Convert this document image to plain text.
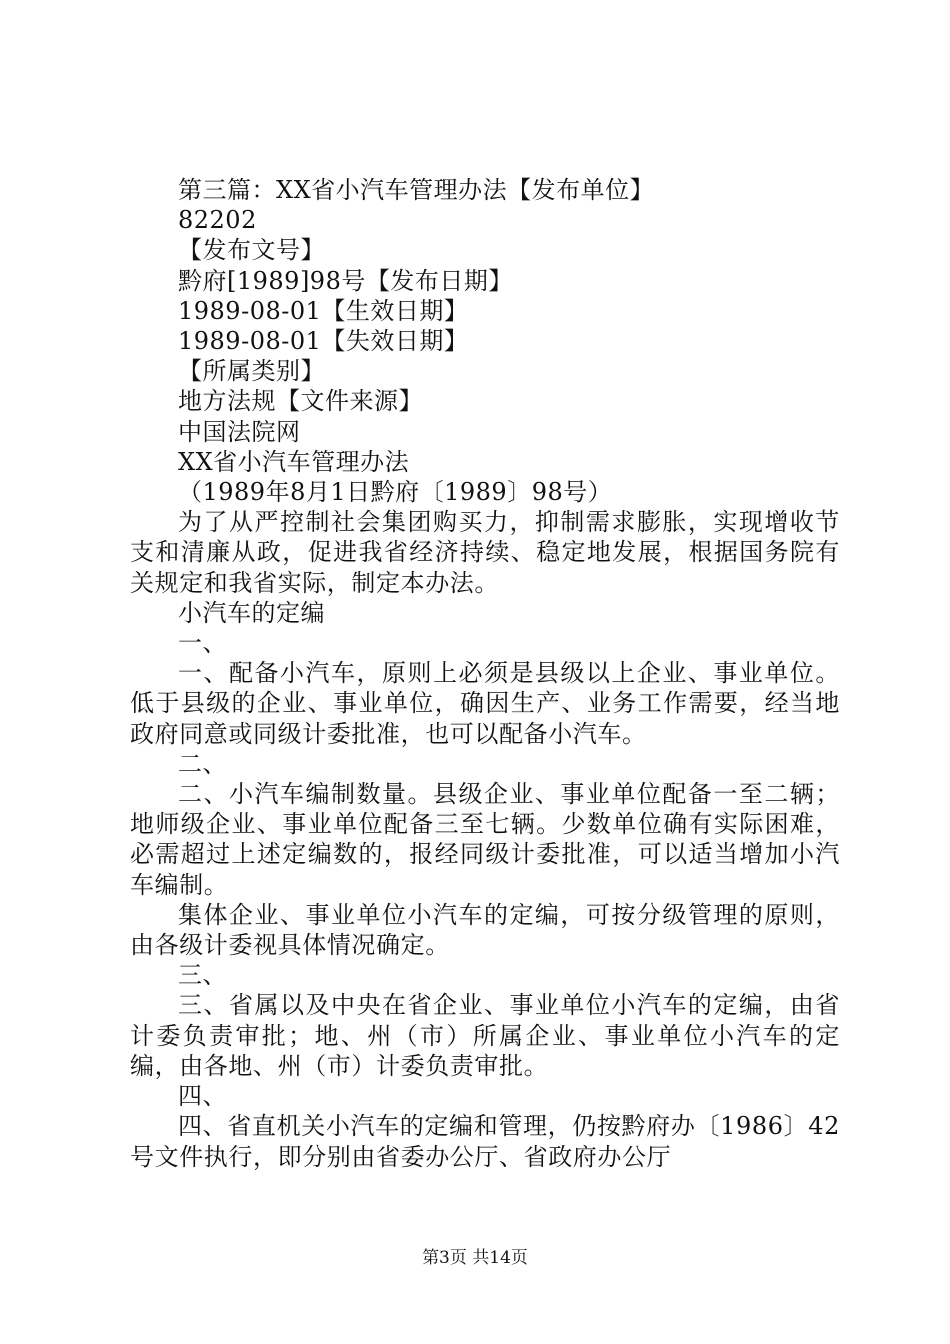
第三篇：XX省小汽车管理办法【发布单位】
82202
【发布文号】
黔府[1989]98号【发布日期】
1989-08-01【生效日期】
1989-08-01【失效日期】
【所属类别】
地方法规【文件来源】
中国法院网
XX省小汽车管理办法
（1989年8月1日黔府〔1989〕98号）
为了从严控制社会集团购买力，抑制需求膨胀，实现增收节支和清廉从政，促进我省经济持续、稳定地发展，根据国务院有关规定和我省实际，制定本办法。
小汽车的定编
一、
一、配备小汽车，原则上必须是县级以上企业、事业单位。低于县级的企业、事业单位，确因生产、业务工作需要，经当地政府同意或同级计委批准，也可以配备小汽车。
二、
二、小汽车编制数量。县级企业、事业单位配备一至二辆；地师级企业、事业单位配备三至七辆。少数单位确有实际困难，必需超过上述定编数的，报经同级计委批准，可以适当增加小汽车编制。
集体企业、事业单位小汽车的定编，可按分级管理的原则，由各级计委视具体情况确定。
三、
三、省属以及中央在省企业、事业单位小汽车的定编，由省计委负责审批；地、州（市）所属企业、事业单位小汽车的定编，由各地、州（市）计委负责审批。
四、
四、省直机关小汽车的定编和管理，仍按黔府办〔1986〕42号文件执行，即分别由省委办公厅、省政府办公厅
第3页 共14页
